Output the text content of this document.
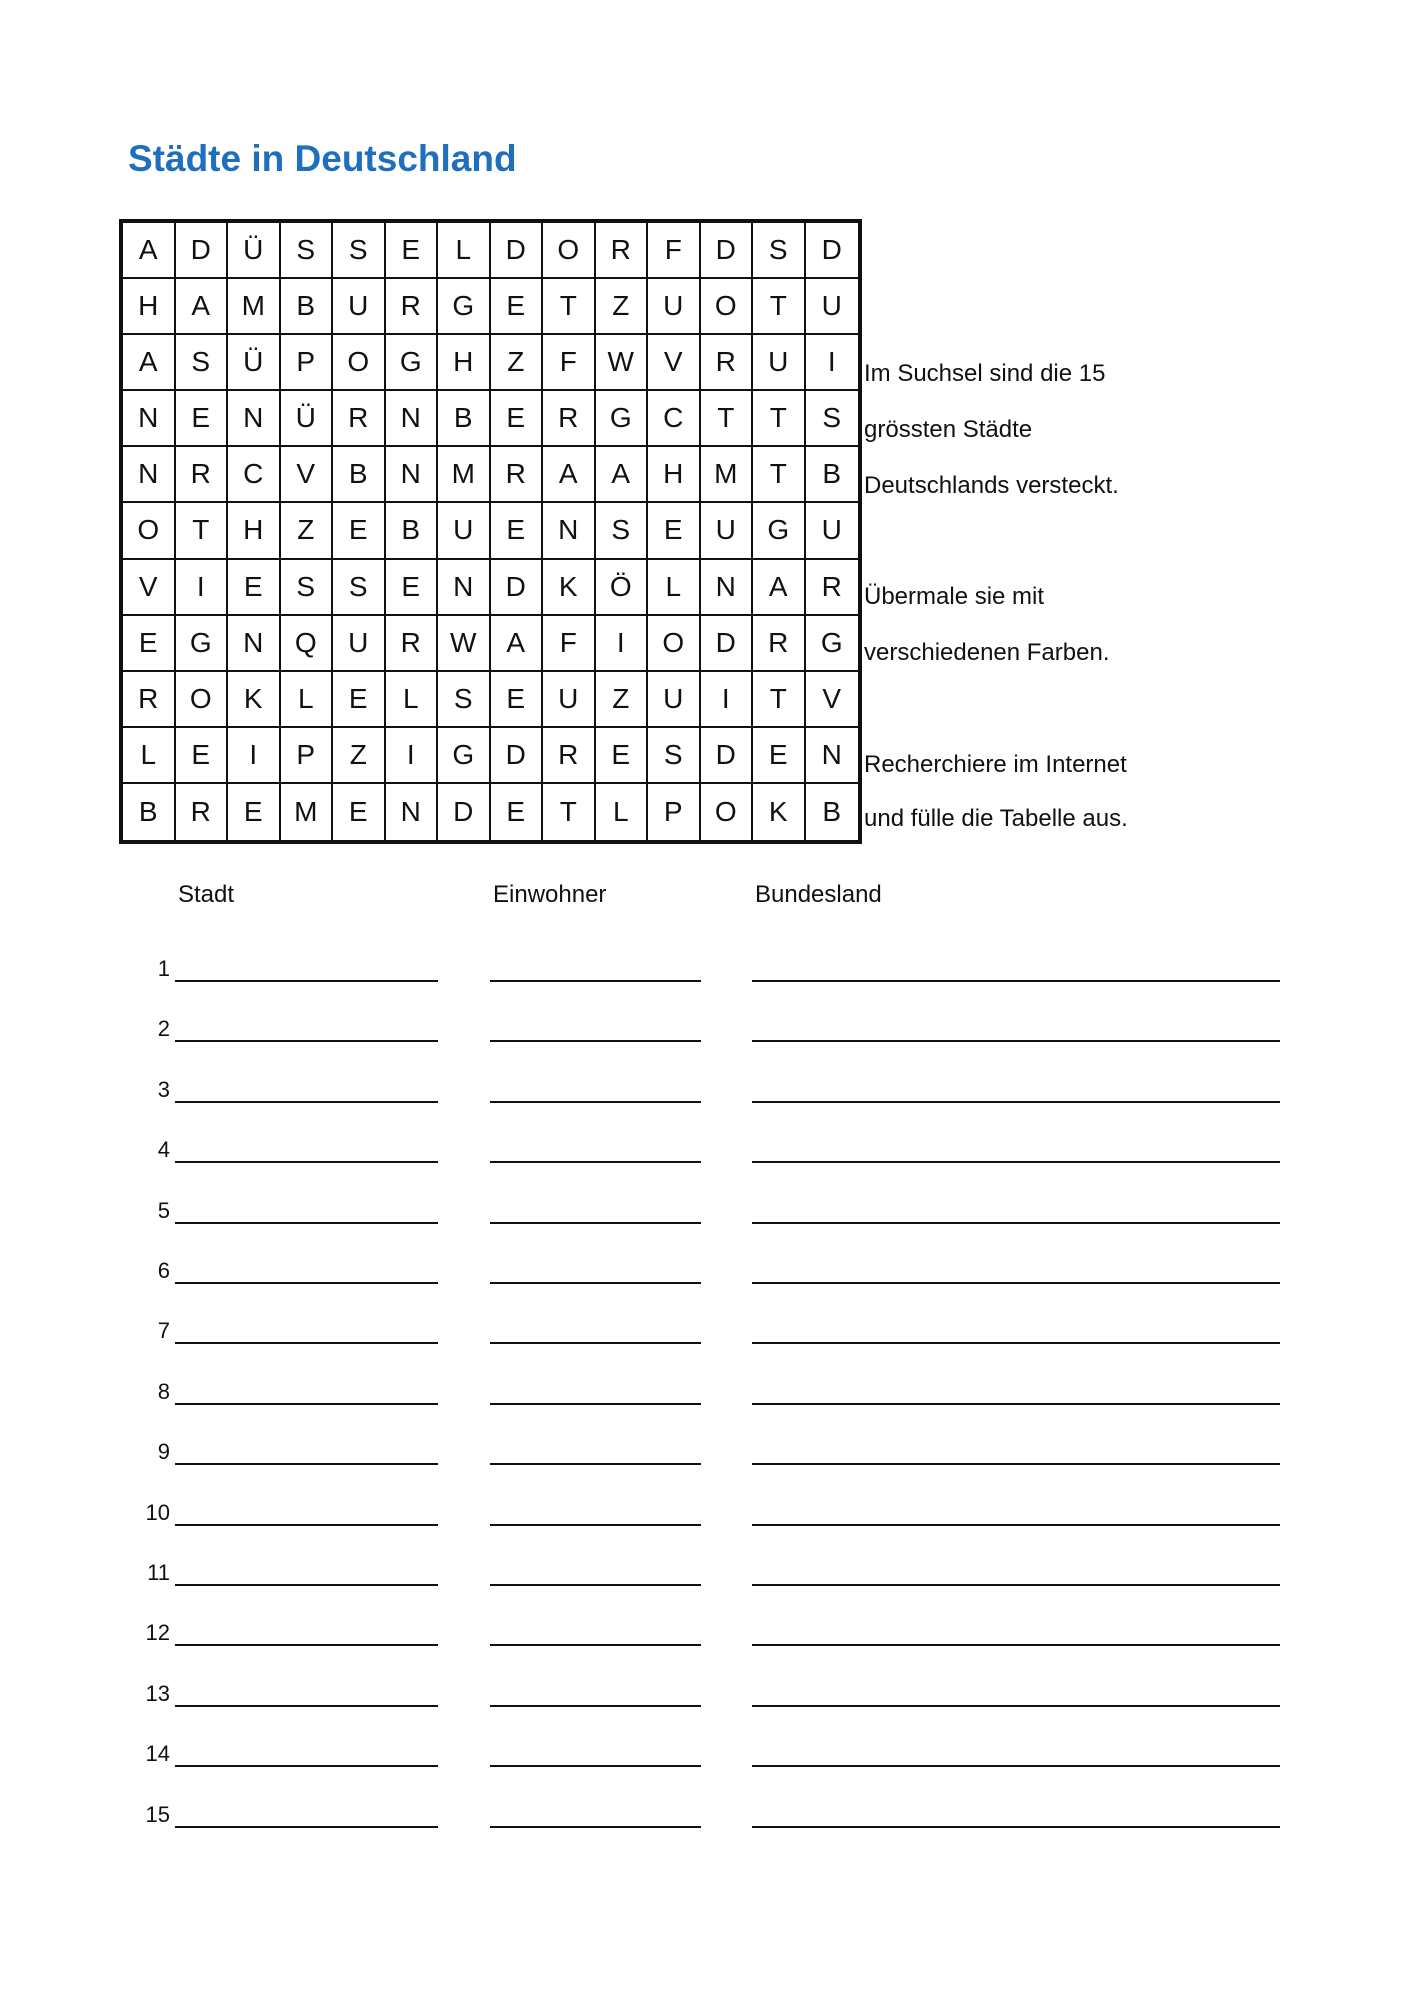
Städte in Deutschland
A	D	Ü	S	S	E	L	D	O	R	F	D	S	D
H	A	M	B	U	R	G	E	T	Z	U	O	T	U
A	S	Ü	P	O	G	H	Z	F	W	V	R	U	I
N	E	N	Ü	R	N	B	E	R	G	C	T	T	S
N	R	C	V	B	N	M	R	A	A	H	M	T	B
O	T	H	Z	E	B	U	E	N	S	E	U	G	U
V	I	E	S	S	E	N	D	K	Ö	L	N	A	R
E	G	N	Q	U	R	W	A	F	I	O	D	R	G
R	O	K	L	E	L	S	E	U	Z	U	I	T	V
L	E	I	P	Z	I	G	D	R	E	S	D	E	N
B	R	E	M	E	N	D	E	T	L	P	O	K	B
Im Suchsel sind die 15
grössten Städte
Deutschlands versteckt.
Übermale sie mit
verschiedenen Farben.
Recherchiere im Internet
und fülle die Tabelle aus.
Stadt	Einwohner	Bundesland
1
2
3
4
5
6
7
8
9
10
11
12
13
14
15
